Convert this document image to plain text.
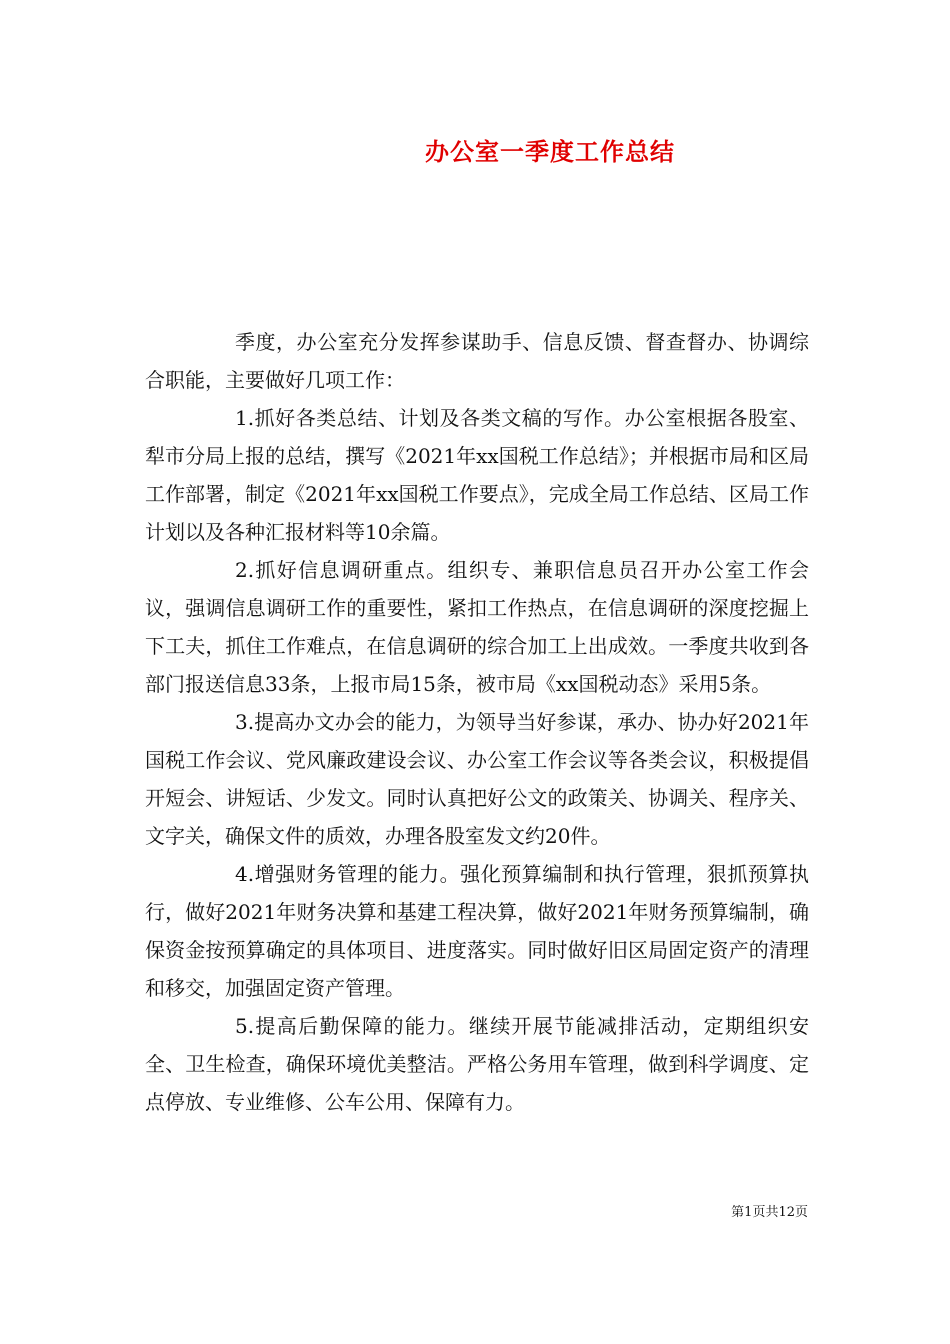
办公室一季度工作总结

季度，办公室充分发挥参谋助手、信息反馈、督查督办、协调综合职能，主要做好几项工作：

1.抓好各类总结、计划及各类文稿的写作。办公室根据各股室、犁市分局上报的总结，撰写《2021年xx国税工作总结》；并根据市局和区局工作部署，制定《2021年xx国税工作要点》，完成全局工作总结、区局工作计划以及各种汇报材料等10余篇。

2.抓好信息调研重点。组织专、兼职信息员召开办公室工作会议，强调信息调研工作的重要性，紧扣工作热点，在信息调研的深度挖掘上下工夫，抓住工作难点，在信息调研的综合加工上出成效。一季度共收到各部门报送信息33条，上报市局15条，被市局《xx国税动态》采用5条。

3.提高办文办会的能力，为领导当好参谋，承办、协办好2021年国税工作会议、党风廉政建设会议、办公室工作会议等各类会议，积极提倡开短会、讲短话、少发文。同时认真把好公文的政策关、协调关、程序关、文字关，确保文件的质效，办理各股室发文约20件。

4.增强财务管理的能力。强化预算编制和执行管理，狠抓预算执行，做好2021年财务决算和基建工程决算，做好2021年财务预算编制，确保资金按预算确定的具体项目、进度落实。同时做好旧区局固定资产的清理和移交，加强固定资产管理。

5.提高后勤保障的能力。继续开展节能减排活动，定期组织安全、卫生检查，确保环境优美整洁。严格公务用车管理，做到科学调度、定点停放、专业维修、公车公用、保障有力。

第1页共12页
